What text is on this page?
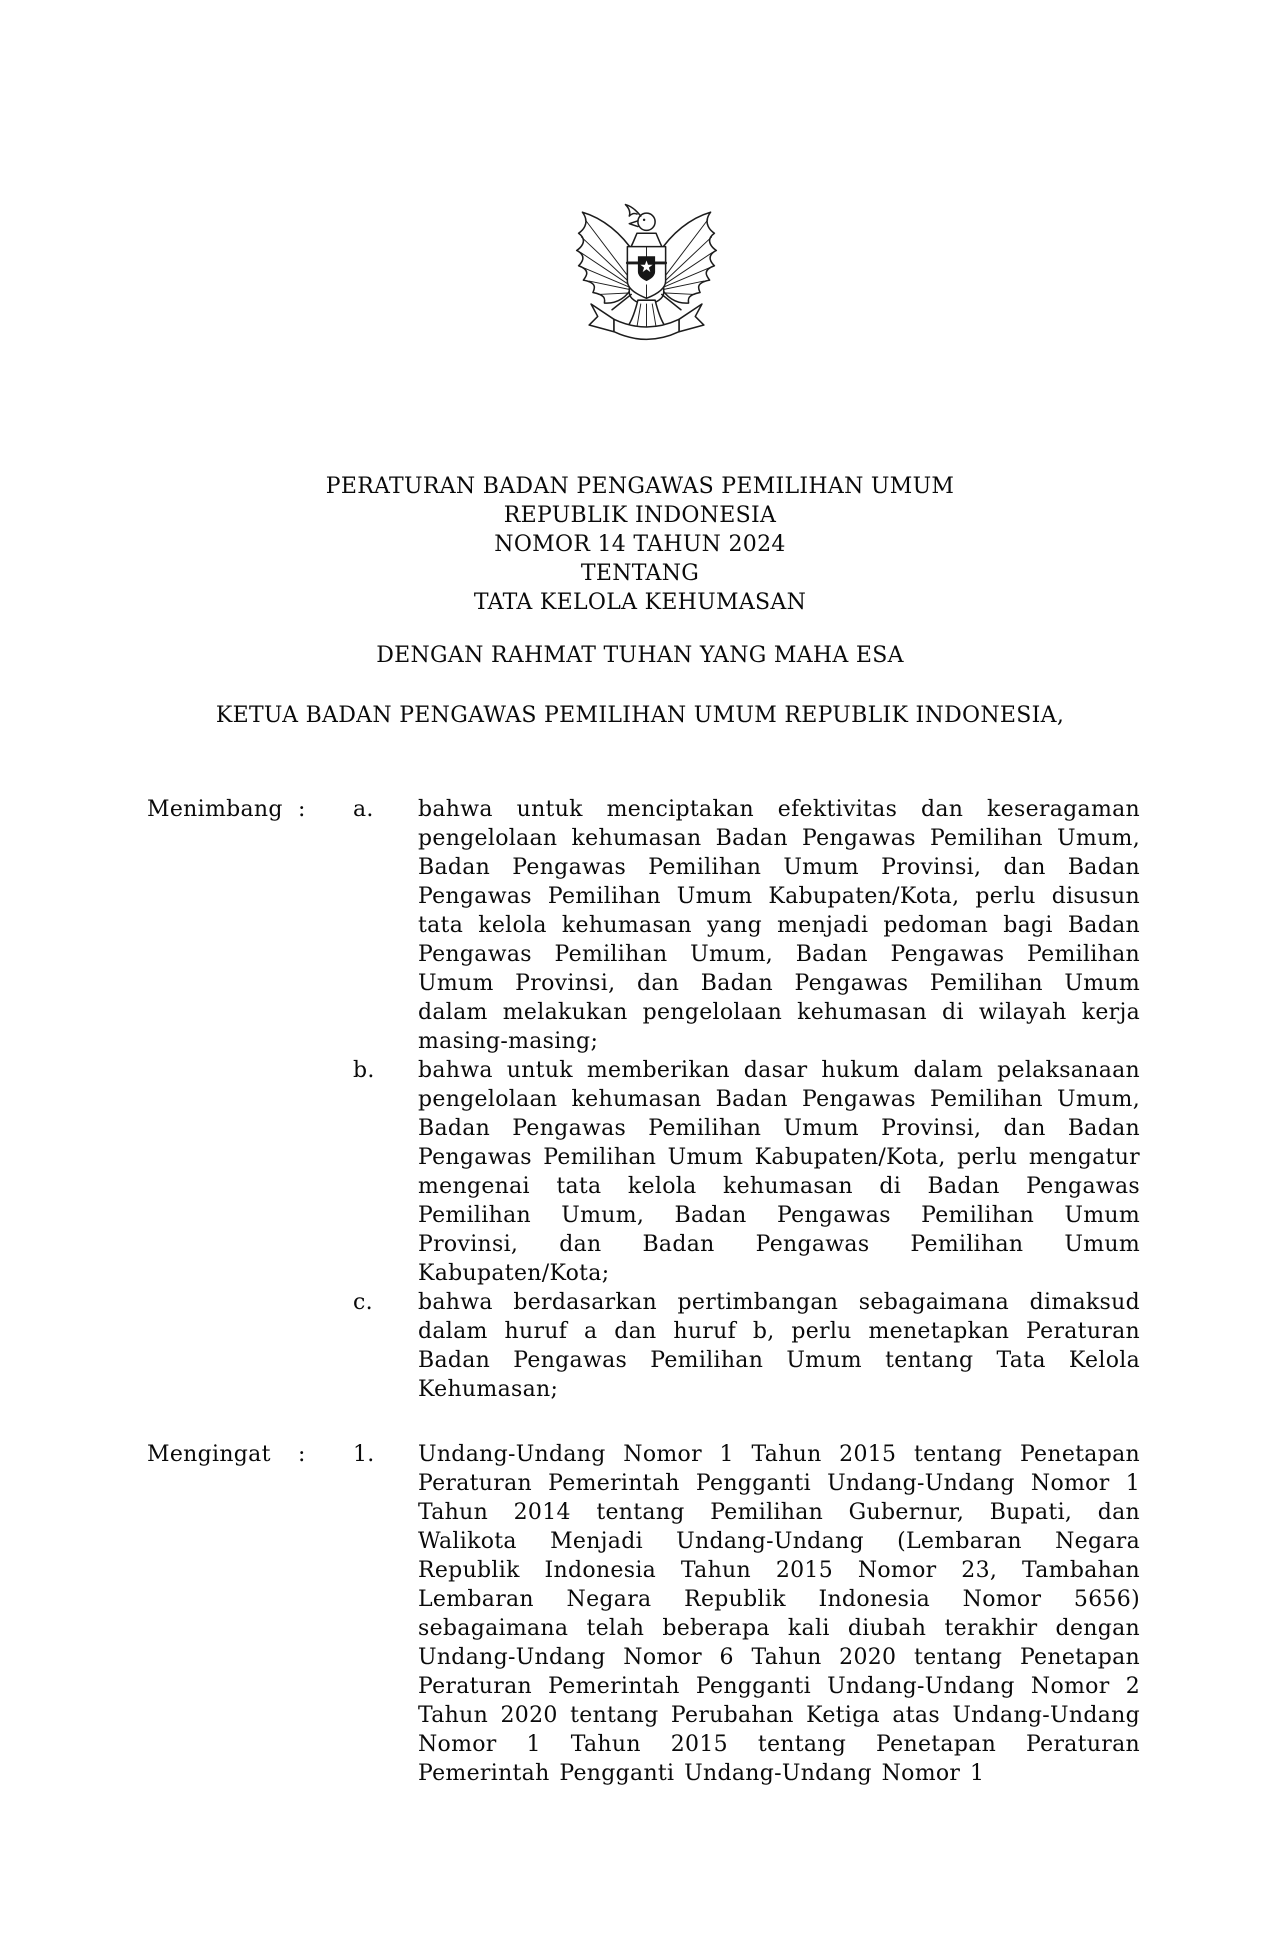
PERATURAN BADAN PENGAWAS PEMILIHAN UMUM
REPUBLIK INDONESIA
NOMOR 14 TAHUN 2024
TENTANG
TATA KELOLA KEHUMASAN
DENGAN RAHMAT TUHAN YANG MAHA ESA
KETUA BADAN PENGAWAS PEMILIHAN UMUM REPUBLIK INDONESIA,
Menimbang :	a.	bahwa untuk menciptakan efektivitas dan keseragaman pengelolaan kehumasan Badan Pengawas Pemilihan Umum, Badan Pengawas Pemilihan Umum Provinsi, dan Badan Pengawas Pemilihan Umum Kabupaten/Kota, perlu disusun tata kelola kehumasan yang menjadi pedoman bagi Badan Pengawas Pemilihan Umum, Badan Pengawas Pemilihan Umum Provinsi, dan Badan Pengawas Pemilihan Umum dalam melakukan pengelolaan kehumasan di wilayah kerja masing-masing;
b.	bahwa untuk memberikan dasar hukum dalam pelaksanaan pengelolaan kehumasan Badan Pengawas Pemilihan Umum, Badan Pengawas Pemilihan Umum Provinsi, dan Badan Pengawas Pemilihan Umum Kabupaten/Kota, perlu mengatur mengenai tata kelola kehumasan di Badan Pengawas Pemilihan Umum, Badan Pengawas Pemilihan Umum Provinsi, dan Badan Pengawas Pemilihan Umum Kabupaten/Kota;
c.	bahwa berdasarkan pertimbangan sebagaimana dimaksud dalam huruf a dan huruf b, perlu menetapkan Peraturan Badan Pengawas Pemilihan Umum tentang Tata Kelola Kehumasan;
Mengingat	:	1.	Undang-Undang Nomor 1 Tahun 2015 tentang Penetapan Peraturan Pemerintah Pengganti Undang-Undang Nomor 1 Tahun 2014 tentang Pemilihan Gubernur, Bupati, dan Walikota Menjadi Undang-Undang (Lembaran Negara Republik Indonesia Tahun 2015 Nomor 23, Tambahan Lembaran Negara Republik Indonesia Nomor 5656) sebagaimana telah beberapa kali diubah terakhir dengan Undang-Undang Nomor 6 Tahun 2020 tentang Penetapan Peraturan Pemerintah Pengganti Undang-Undang Nomor 2 Tahun 2020 tentang Perubahan Ketiga atas Undang-Undang Nomor 1 Tahun 2015 tentang Penetapan Peraturan Pemerintah Pengganti Undang-Undang Nomor 1
